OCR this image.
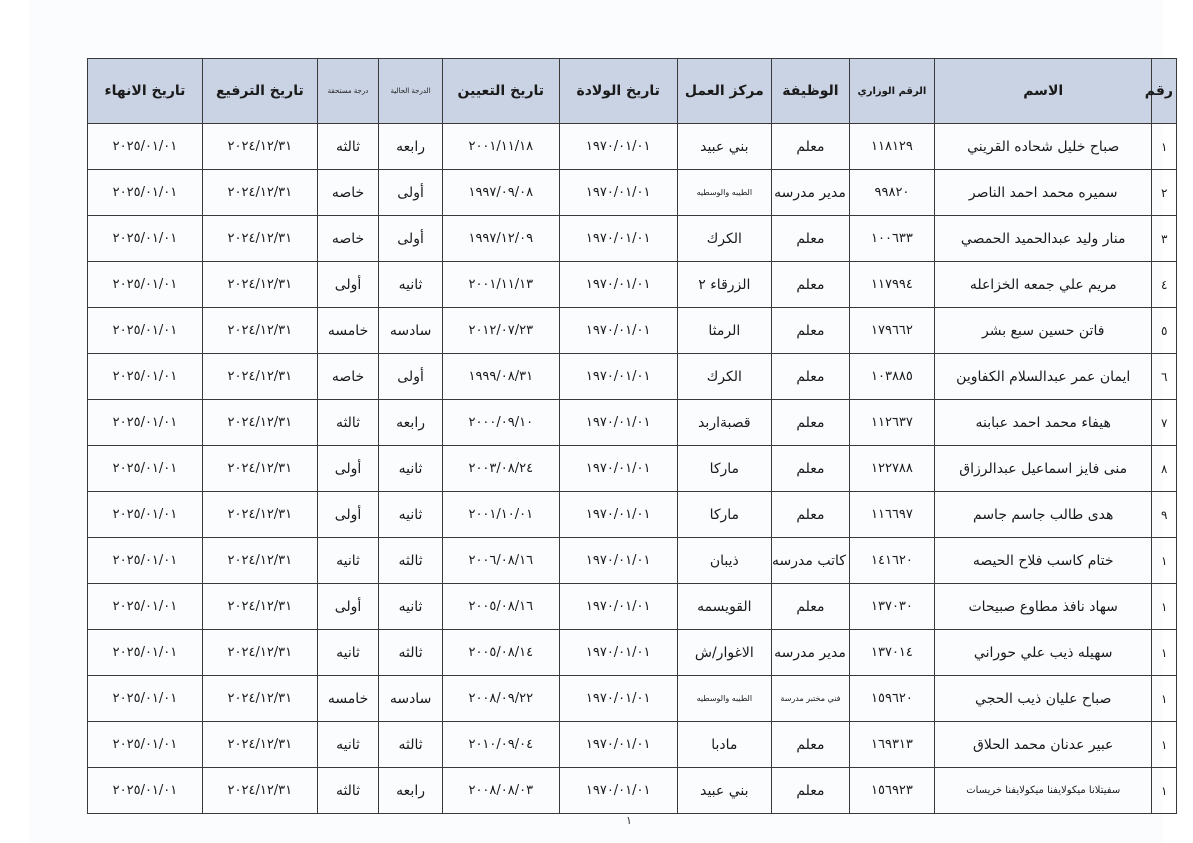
رقم	الاسم	الرقم الوزاري	الوظيفة	مركز العمل	تاريخ الولادة	تاريخ التعيين	الدرجة الحالية	درجة مستحقة	تاريخ الترفيع	تاريخ الانهاء
١	صباح خليل شحاده القريني	١١٨١٢٩	معلم	بني عبيد	١٩٧٠/٠١/٠١	٢٠٠١/١١/١٨	رابعه	ثالثه	٢٠٢٤/١٢/٣١	٢٠٢٥/٠١/٠١
٢	سميره محمد احمد الناصر	٩٩٨٢٠	مدير مدرسه	الطيبه والوسطيه	١٩٧٠/٠١/٠١	١٩٩٧/٠٩/٠٨	أولى	خاصه	٢٠٢٤/١٢/٣١	٢٠٢٥/٠١/٠١
٣	منار وليد عبدالحميد الحمصي	١٠٠٦٣٣	معلم	الكرك	١٩٧٠/٠١/٠١	١٩٩٧/١٢/٠٩	أولى	خاصه	٢٠٢٤/١٢/٣١	٢٠٢٥/٠١/٠١
٤	مريم علي جمعه الخزاعله	١١٧٩٩٤	معلم	الزرقاء ٢	١٩٧٠/٠١/٠١	٢٠٠١/١١/١٣	ثانيه	أولى	٢٠٢٤/١٢/٣١	٢٠٢٥/٠١/٠١
٥	فاتن حسين سبع بشر	١٧٩٦٦٢	معلم	الرمثا	١٩٧٠/٠١/٠١	٢٠١٢/٠٧/٢٣	سادسه	خامسه	٢٠٢٤/١٢/٣١	٢٠٢٥/٠١/٠١
٦	ايمان عمر عبدالسلام الكفاوين	١٠٣٨٨٥	معلم	الكرك	١٩٧٠/٠١/٠١	١٩٩٩/٠٨/٣١	أولى	خاصه	٢٠٢٤/١٢/٣١	٢٠٢٥/٠١/٠١
٧	هيفاء محمد احمد عبابنه	١١٢٦٣٧	معلم	قصبةاربد	١٩٧٠/٠١/٠١	٢٠٠٠/٠٩/١٠	رابعه	ثالثه	٢٠٢٤/١٢/٣١	٢٠٢٥/٠١/٠١
٨	منى فايز اسماعيل عبدالرزاق	١٢٢٧٨٨	معلم	ماركا	١٩٧٠/٠١/٠١	٢٠٠٣/٠٨/٢٤	ثانيه	أولى	٢٠٢٤/١٢/٣١	٢٠٢٥/٠١/٠١
٩	هدى طالب جاسم جاسم	١١٦٦٩٧	معلم	ماركا	١٩٧٠/٠١/٠١	٢٠٠١/١٠/٠١	ثانيه	أولى	٢٠٢٤/١٢/٣١	٢٠٢٥/٠١/٠١
١	ختام كاسب فلاح الحيصه	١٤١٦٢٠	كاتب مدرسه	ذيبان	١٩٧٠/٠١/٠١	٢٠٠٦/٠٨/١٦	ثالثه	ثانيه	٢٠٢٤/١٢/٣١	٢٠٢٥/٠١/٠١
١	سهاد نافذ مطاوع صبيحات	١٣٧٠٣٠	معلم	القويسمه	١٩٧٠/٠١/٠١	٢٠٠٥/٠٨/١٦	ثانيه	أولى	٢٠٢٤/١٢/٣١	٢٠٢٥/٠١/٠١
١	سهيله ذيب علي حوراني	١٣٧٠١٤	مدير مدرسه	الاغوار/ش	١٩٧٠/٠١/٠١	٢٠٠٥/٠٨/١٤	ثالثه	ثانيه	٢٠٢٤/١٢/٣١	٢٠٢٥/٠١/٠١
١	صباح عليان ذيب الحجي	١٥٩٦٢٠	فني مختبر مدرسة	الطيبه والوسطيه	١٩٧٠/٠١/٠١	٢٠٠٨/٠٩/٢٢	سادسه	خامسه	٢٠٢٤/١٢/٣١	٢٠٢٥/٠١/٠١
١	عبير عدنان محمد الحلاق	١٦٩٣١٣	معلم	مادبا	١٩٧٠/٠١/٠١	٢٠١٠/٠٩/٠٤	ثالثه	ثانيه	٢٠٢٤/١٢/٣١	٢٠٢٥/٠١/٠١
١	سفيتلانا ميكولايفنا ميكولايفنا خريسات	١٥٦٩٢٣	معلم	بني عبيد	١٩٧٠/٠١/٠١	٢٠٠٨/٠٨/٠٣	رابعه	ثالثه	٢٠٢٤/١٢/٣١	٢٠٢٥/٠١/٠١
١
